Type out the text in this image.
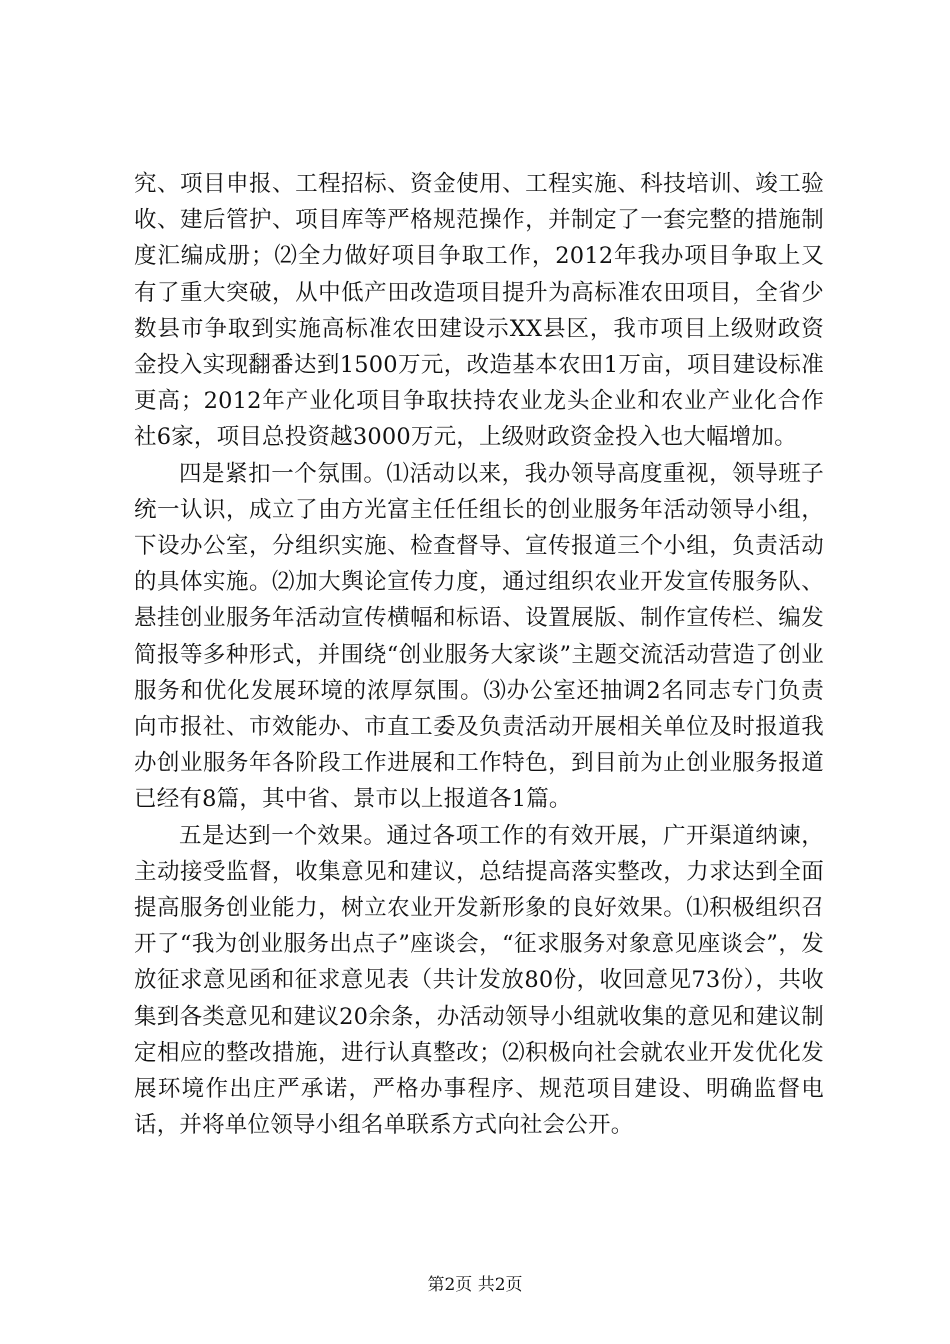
究、项目申报、工程招标、资金使用、工程实施、科技培训、竣工验收、建后管护、项目库等严格规范操作，并制定了一套完整的措施制度汇编成册；⑵全力做好项目争取工作，2012年我办项目争取上又有了重大突破，从中低产田改造项目提升为高标准农田项目，全省少数县市争取到实施高标准农田建设示XX县区，我市项目上级财政资金投入实现翻番达到1500万元，改造基本农田1万亩，项目建设标准更高；2012年产业化项目争取扶持农业龙头企业和农业产业化合作社6家，项目总投资越3000万元，上级财政资金投入也大幅增加。

四是紧扣一个氛围。⑴活动以来，我办领导高度重视，领导班子统一认识，成立了由方光富主任任组长的创业服务年活动领导小组，下设办公室，分组织实施、检查督导、宣传报道三个小组，负责活动的具体实施。⑵加大舆论宣传力度，通过组织农业开发宣传服务队、悬挂创业服务年活动宣传横幅和标语、设置展版、制作宣传栏、编发简报等多种形式，并围绕“创业服务大家谈”主题交流活动营造了创业服务和优化发展环境的浓厚氛围。⑶办公室还抽调2名同志专门负责向市报社、市效能办、市直工委及负责活动开展相关单位及时报道我办创业服务年各阶段工作进展和工作特色，到目前为止创业服务报道已经有8篇，其中省、景市以上报道各1篇。

五是达到一个效果。通过各项工作的有效开展，广开渠道纳谏，主动接受监督，收集意见和建议，总结提高落实整改，力求达到全面提高服务创业能力，树立农业开发新形象的良好效果。⑴积极组织召开了“我为创业服务出点子”座谈会，“征求服务对象意见座谈会”，发放征求意见函和征求意见表（共计发放80份，收回意见73份），共收集到各类意见和建议20余条，办活动领导小组就收集的意见和建议制定相应的整改措施，进行认真整改；⑵积极向社会就农业开发优化发展环境作出庄严承诺，严格办事程序、规范项目建设、明确监督电话，并将单位领导小组名单联系方式向社会公开。

第2页 共2页
